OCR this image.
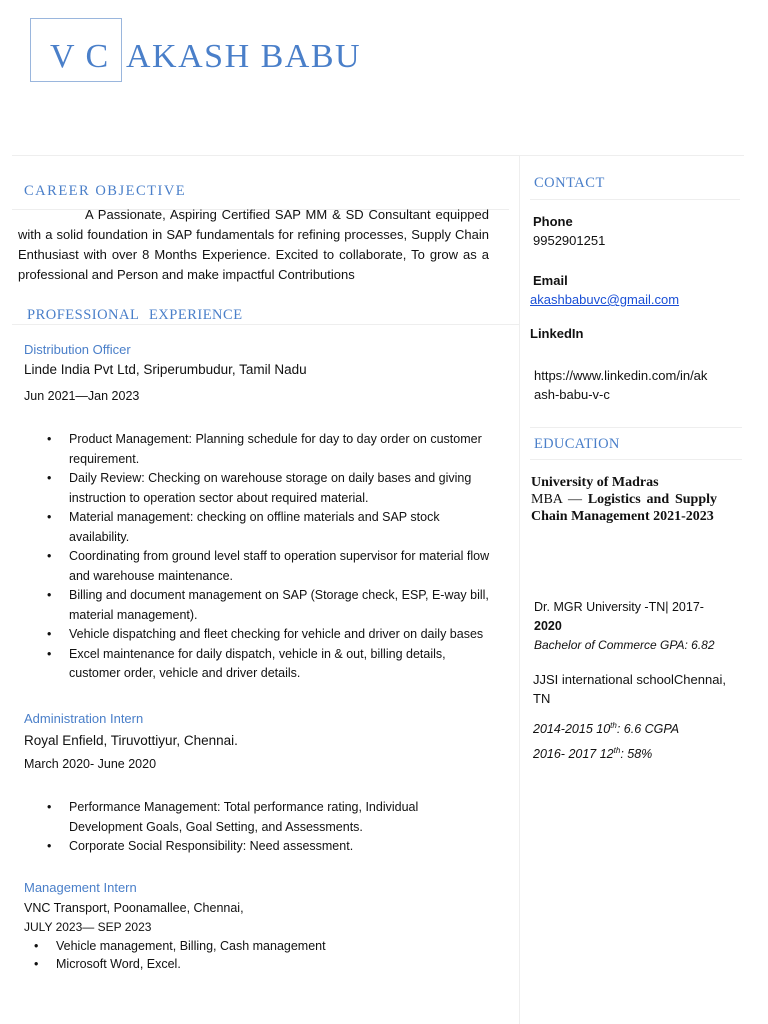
V C AKASH BABU
CAREER OBJECTIVE

A Passionate, Aspiring Certified SAP MM & SD Consultant equipped with a solid foundation in SAP fundamentals for refining processes, Supply Chain Enthusiast with over 8 Months Experience. Excited to collaborate, To grow as a professional and Person and make impactful Contributions

PROFESSIONAL EXPERIENCE
Distribution Officer
Linde India Pvt Ltd, Sriperumbudur, Tamil Nadu
Jun 2021—Jan 2023
• Product Management: Planning schedule for day to day order on customer requirement.
• Daily Review: Checking on warehouse storage on daily bases and giving instruction to operation sector about required material.
• Material management: checking on offline materials and SAP stock availability.
• Coordinating from ground level staff to operation supervisor for material flow and warehouse maintenance.
• Billing and document management on SAP (Storage check, ESP, E-way bill, material management).
• Vehicle dispatching and fleet checking for vehicle and driver on daily bases
• Excel maintenance for daily dispatch, vehicle in & out, billing details, customer order, vehicle and driver details.
Administration Intern
Royal Enfield, Tiruvottiyur, Chennai.
March 2020- June 2020
• Performance Management: Total performance rating, Individual Development Goals, Goal Setting, and Assessments.
• Corporate Social Responsibility: Need assessment.
Management Intern
VNC Transport, Poonamallee, Chennai,
JULY 2023— SEP 2023
• Vehicle management, Billing, Cash management
• Microsoft Word, Excel.
CONTACT
Phone
9952901251
Email
akashbabuvc@gmail.com
LinkedIn
https://www.linkedin.com/in/ak
ash-babu-v-c
EDUCATION
University of Madras
MBA — Logistics and Supply Chain Management 2021-2023
Dr. MGR University -TN| 2017-
2020
Bachelor of Commerce GPA: 6.82
JJSI international schoolChennai,
TN
2014-2015 10th: 6.6 CGPA
2016- 2017 12th: 58%
